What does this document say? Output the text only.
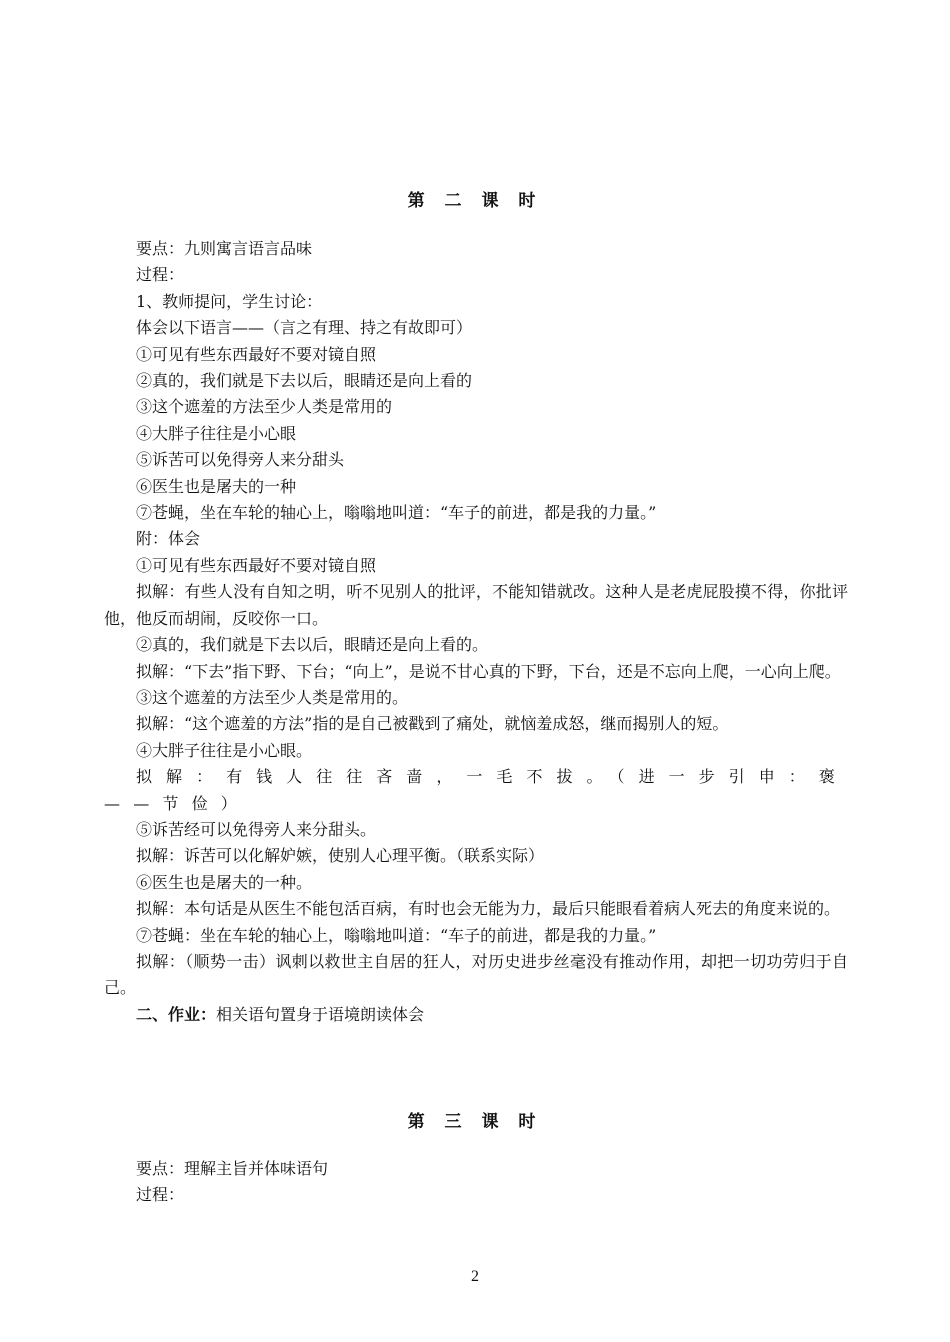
第 二 课 时

要点：九则寓言语言品味

过程：

1、教师提问，学生讨论：

体会以下语言——（言之有理、持之有故即可）

①可见有些东西最好不要对镜自照

②真的，我们就是下去以后，眼睛还是向上看的

③这个遮羞的方法至少人类是常用的

④大胖子往往是小心眼

⑤诉苦可以免得旁人来分甜头

⑥医生也是屠夫的一种

⑦苍蝇，坐在车轮的轴心上，嗡嗡地叫道：“车子的前进，都是我的力量。”

附：体会

①可见有些东西最好不要对镜自照

拟解：有些人没有自知之明，听不见别人的批评，不能知错就改。这种人是老虎屁股摸不得，你批评他，他反而胡闹，反咬你一口。

②真的，我们就是下去以后，眼睛还是向上看的。

拟解：“下去”指下野、下台；“向上”，是说不甘心真的下野，下台，还是不忘向上爬，一心向上爬。

③这个遮羞的方法至少人类是常用的。

拟解：“这个遮羞的方法”指的是自己被戳到了痛处，就恼羞成怒，继而揭别人的短。

④大胖子往往是小心眼。

拟解：有钱人往往吝啬，一毛不拔。（进一步引申：褒——节俭）

⑤诉苦经可以免得旁人来分甜头。

拟解：诉苦可以化解妒嫉，使别人心理平衡。（联系实际）

⑥医生也是屠夫的一种。

拟解：本句话是从医生不能包活百病，有时也会无能为力，最后只能眼看着病人死去的角度来说的。

⑦苍蝇：坐在车轮的轴心上，嗡嗡地叫道：“车子的前进，都是我的力量。”

拟解：（顺势一击）讽刺以救世主自居的狂人，对历史进步丝毫没有推动作用，却把一切功劳归于自己。

二、作业：相关语句置身于语境朗读体会

第 三 课 时

要点：理解主旨并体味语句

过程：

2
